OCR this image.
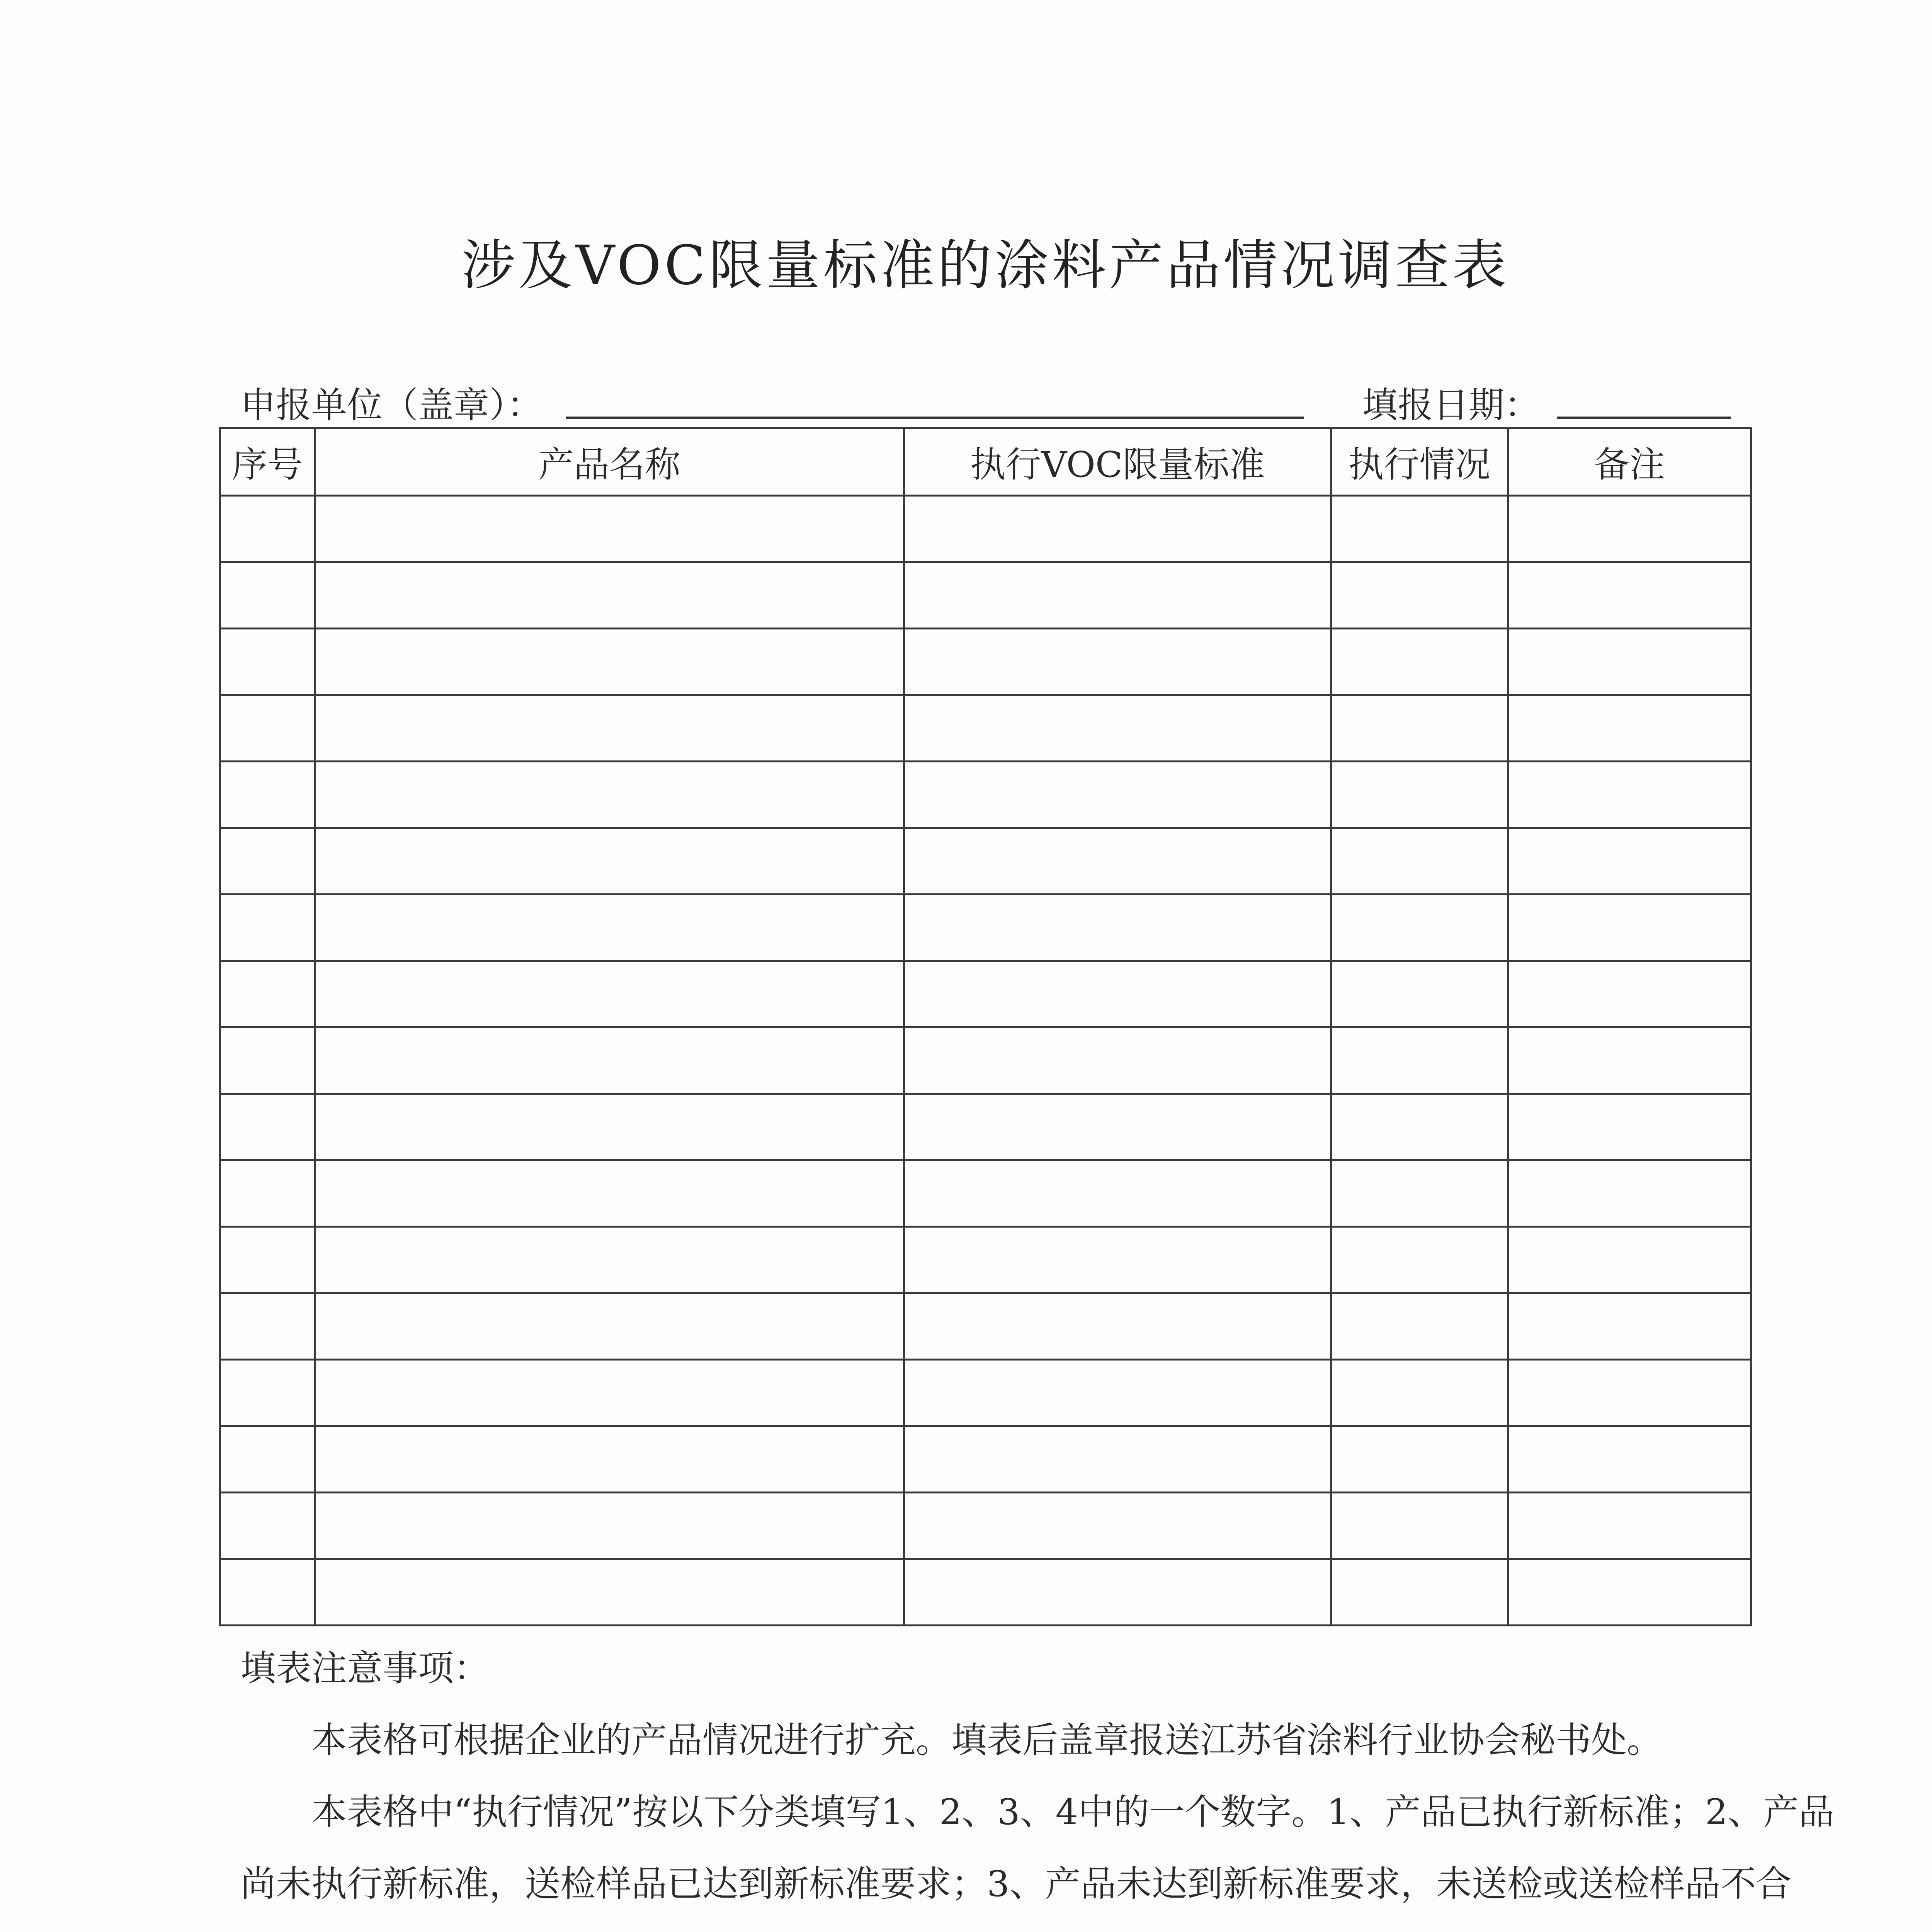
涉及VOC限量标准的涂料产品情况调查表
申报单位（盖章）：	填报日期：
序号	产品名称	执行VOC限量标准	执行情况	备注

填表注意事项：

本表格可根据企业的产品情况进行扩充。填表后盖章报送江苏省涂料行业协会秘书处。

本表格中“执行情况”按以下分类填写1、2、3、4中的一个数字。1、产品已执行新标准；2、产品尚未执行新标准，送检样品已达到新标准要求；3、产品未达到新标准要求，未送检或送检样品不合
